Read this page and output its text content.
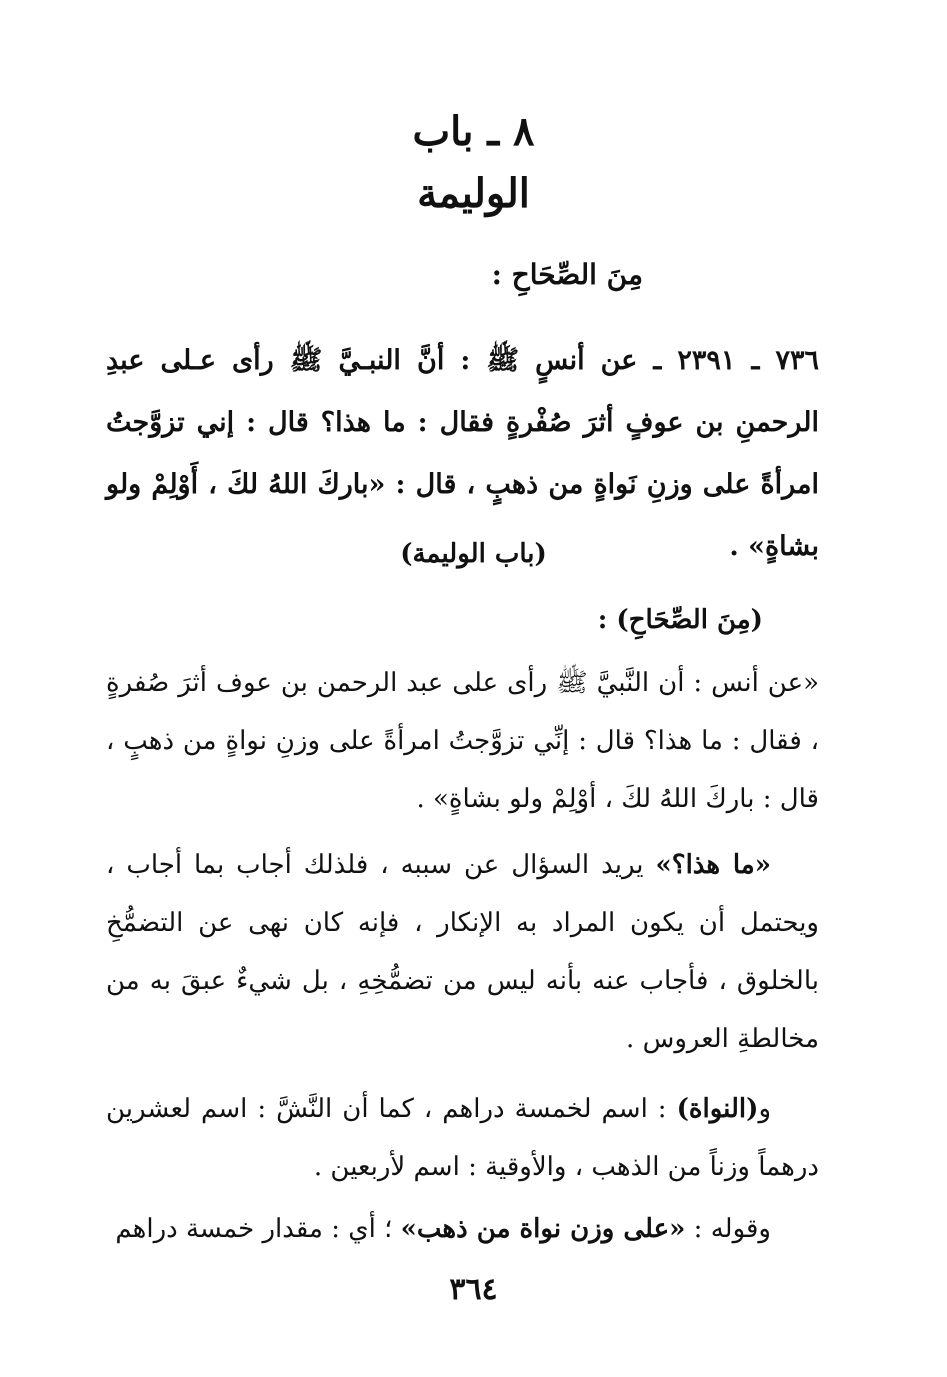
٨ ـ باب
الوليمة
مِنَ الصِّحَاحِ :
٧٣٦ ـ ٢٣٩١ ـ عن أنسٍ ﷺ : أنَّ النبـيَّ ﷺ رأى عـلى عبدِ الرحمنِ بن عوفٍ أثرَ صُفْرةٍ فقال : ما هذا؟ قال : إني تزوَّجتُ امرأةً على وزنِ نَواةٍ من ذهبٍ ، قال : «باركَ اللهُ لكَ ، أَوْلِمْ ولو بشاةٍ» .
(باب الوليمة)
(مِنَ الصِّحَاحِ) :
«عن أنس : أن النَّبيَّ ﷺ رأى على عبد الرحمن بن عوف أثرَ صُفرةٍ ، فقال : ما هذا؟ قال : إنِّي تزوَّجتُ امرأةً على وزنِ نواةٍ من ذهبٍ ، قال : باركَ اللهُ لكَ ، أوْلِمْ ولو بشاةٍ» .
«ما هذا؟» يريد السؤال عن سببه ، فلذلك أجاب بما أجاب ، ويحتمل أن يكون المراد به الإنكار ، فإنه كان نهى عن التضمُّخِ بالخلوق ، فأجاب عنه بأنه ليس من تضمُّخِهِ ، بل شيءٌ عبقَ به من مخالطةِ العروس .
و(النواة) : اسم لخمسة دراهم ، كما أن النَّشَّ : اسم لعشرين درهماً وزناً من الذهب ، والأوقية : اسم لأربعين .
وقوله : «على وزن نواة من ذهب» ؛ أي : مقدار خمسة دراهم
٣٦٤
